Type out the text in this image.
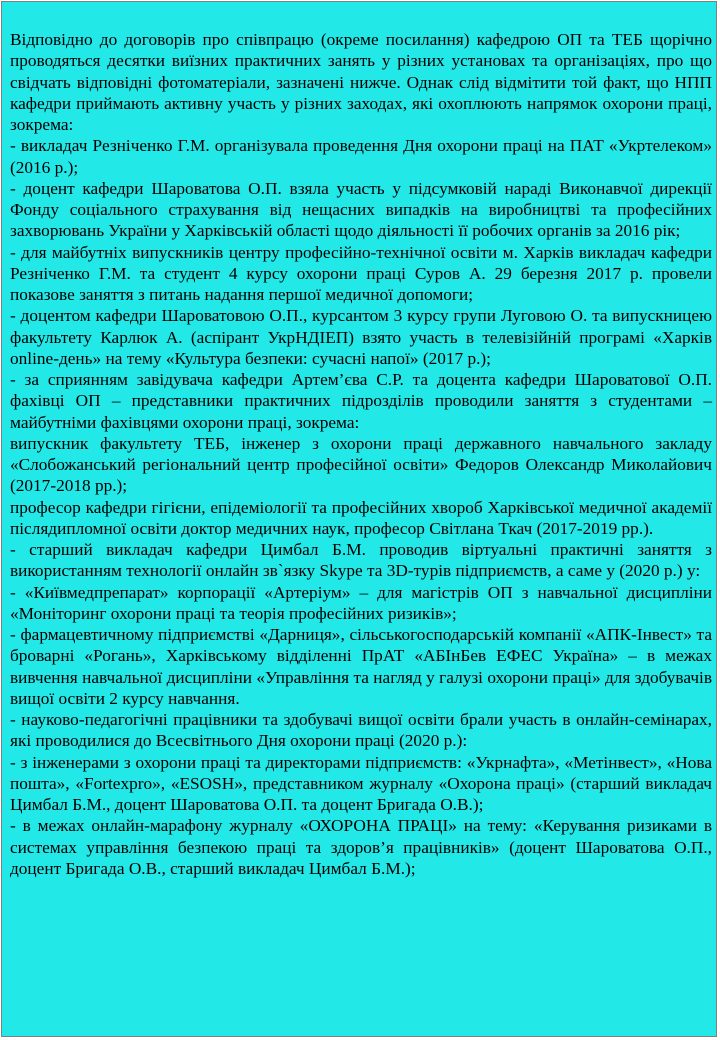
Відповідно до договорів про співпрацю (окреме посилання) кафедрою ОП та ТЕБ щорічно проводяться десятки виїзних практичних занять у різних установах та організаціях, про що свідчать відповідні фотоматеріали, зазначені нижче. Однак слід відмітити той факт, що НПП кафедри приймають активну участь у різних заходах, які охоплюють напрямок охорони праці, зокрема:

- викладач Резніченко Г.М. організувала проведення Дня охорони праці на ПАТ «Укртелеком» (2016 р.);

- доцент кафедри Шароватова О.П. взяла участь у підсумковій нараді Виконавчої дирекції Фонду соціального страхування від нещасних випадків на виробництві та професійних захворювань України у Харківській області щодо діяльності її робочих органів за 2016 рік;

- для майбутніх випускників центру професійно-технічної освіти м. Харків викладач кафедри Резніченко Г.М. та студент 4 курсу охорони праці Суров А. 29 березня 2017 р. провели показове заняття з питань надання першої медичної допомоги;

- доцентом кафедри Шароватовою О.П., курсантом 3 курсу групи Луговою О. та випускницею факультету Карлюк А. (аспірант УкрНДІЕП) взято участь в телевізійній програмі «Харків online-день» на тему «Культура безпеки: сучасні напої» (2017 р.);

- за сприянням завідувача кафедри Артем’єва С.Р. та доцента кафедри Шароватової О.П. фахівці ОП – представники практичних підрозділів проводили заняття з студентами – майбутніми фахівцями охорони праці, зокрема:

випускник факультету ТЕБ, інженер з охорони праці державного навчального закладу «Слобожанський регіональний центр професійної освіти» Федоров Олександр Миколайович (2017-2018 рр.);

професор кафедри гігієни, епідеміології та професійних хвороб Харківської медичної академії післядипломної освіти доктор медичних наук, професор Світлана Ткач (2017-2019 рр.).

- старший викладач кафедри Цимбал Б.М. проводив віртуальні практичні заняття з використанням технології онлайн зв`язку Skype та 3D-турів підприємств, а саме у (2020 р.) у:

- «Київмедпрепарат» корпорації «Артеріум» – для магістрів ОП з навчальної дисципліни «Моніторинг охорони праці та теорія професійних ризиків»;

- фармацевтичному підприємстві «Дарниця», сільськогосподарській компанії «АПК-Інвест» та броварні «Рогань», Харківському відділенні ПрАТ «АБІнБев ЕФЕС Україна» – в межах вивчення навчальної дисципліни «Управління та нагляд у галузі охорони праці» для здобувачів вищої освіти 2 курсу навчання.

- науково-педагогічні працівники та здобувачі вищої освіти брали участь в онлайн-семінарах, які проводилися до Всесвітнього Дня охорони праці (2020 р.):

- з інженерами з охорони праці та директорами підприємств: «Укрнафта», «Метінвест», «Нова пошта», «Fortexpro», «ESOSH», представником журналу «Охорона праці» (старший викладач Цимбал Б.М., доцент Шароватова О.П. та доцент Бригада О.В.);

- в межах онлайн-марафону журналу «ОХОРОНА ПРАЦІ» на тему: «Керування ризиками в системах управління безпекою праці та здоров’я працівників» (доцент Шароватова О.П., доцент Бригада О.В., старший викладач Цимбал Б.М.);
